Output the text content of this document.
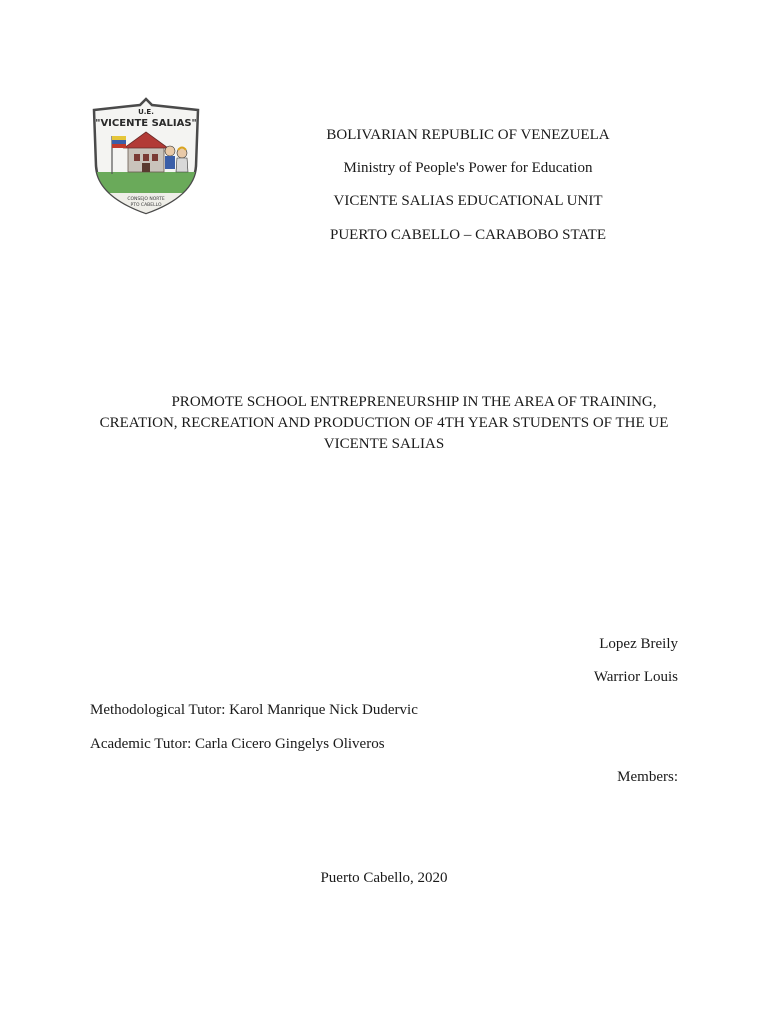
U.E.
"VICENTE SALIAS"
CONSEJO NORTE
PTO CABELLO
BOLIVARIAN REPUBLIC OF VENEZUELA
Ministry of People's Power for Education
VICENTE SALIAS EDUCATIONAL UNIT
PUERTO CABELLO – CARABOBO STATE
PROMOTE SCHOOL ENTREPRENEURSHIP IN THE AREA OF TRAINING,
CREATION, RECREATION AND PRODUCTION OF 4TH YEAR STUDENTS OF THE UE
VICENTE SALIAS
Lopez Breily
Warrior Louis
Methodological Tutor: Karol Manrique Nick Dudervic
Academic Tutor: Carla Cicero Gingelys Oliveros
Members:
Puerto Cabello, 2020
